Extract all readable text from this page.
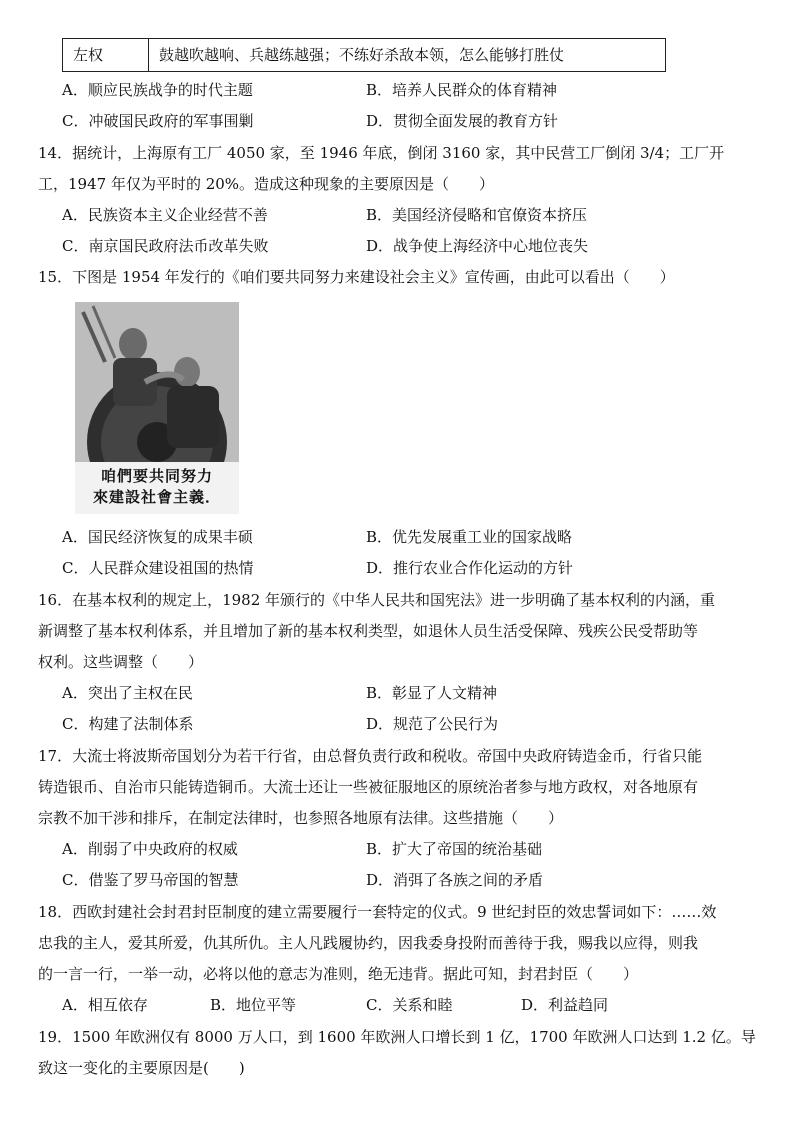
左权	鼓越吹越响、兵越练越强；不练好杀敌本领，怎么能够打胜仗
A．顺应民族战争的时代主题	B．培养人民群众的体育精神
C．冲破国民政府的军事围剿	D．贯彻全面发展的教育方针
14．据统计，上海原有工厂 4050 家，至 1946 年底，倒闭 3160 家，其中民营工厂倒闭 3/4；工厂开
工，1947 年仅为平时的 20%。造成这种现象的主要原因是（　　）
A．民族资本主义企业经营不善	B．美国经济侵略和官僚资本挤压
C．南京国民政府法币改革失败	D．战争使上海经济中心地位丧失
15．下图是 1954 年发行的《咱们要共同努力来建设社会主义》宣传画，由此可以看出（　　）
咱們要共同努力
來建設社會主義．
A．国民经济恢复的成果丰硕	B．优先发展重工业的国家战略
C．人民群众建设祖国的热情	D．推行农业合作化运动的方针
16．在基本权利的规定上，1982 年颁行的《中华人民共和国宪法》进一步明确了基本权利的内涵，重
新调整了基本权利体系，并且增加了新的基本权利类型，如退休人员生活受保障、残疾公民受帮助等
权利。这些调整（　　）
A．突出了主权在民	B．彰显了人文精神
C．构建了法制体系	D．规范了公民行为
17．大流士将波斯帝国划分为若干行省，由总督负责行政和税收。帝国中央政府铸造金币，行省只能
铸造银币、自治市只能铸造铜币。大流士还让一些被征服地区的原统治者参与地方政权，对各地原有
宗教不加干涉和排斥，在制定法律时，也参照各地原有法律。这些措施（　　）
A．削弱了中央政府的权威	B．扩大了帝国的统治基础
C．借鉴了罗马帝国的智慧	D．消弭了各族之间的矛盾
18．西欧封建社会封君封臣制度的建立需要履行一套特定的仪式。9 世纪封臣的效忠誓词如下：……效
忠我的主人，爱其所爱，仇其所仇。主人凡践履协约，因我委身投附而善待于我，赐我以应得，则我
的一言一行，一举一动，必将以他的意志为准则，绝无违背。据此可知，封君封臣（　　）
A．相互依存	B．地位平等	C．关系和睦	D．利益趋同
19．1500 年欧洲仅有 8000 万人口，到 1600 年欧洲人口增长到 1 亿，1700 年欧洲人口达到 1.2 亿。导
致这一变化的主要原因是(　　)
